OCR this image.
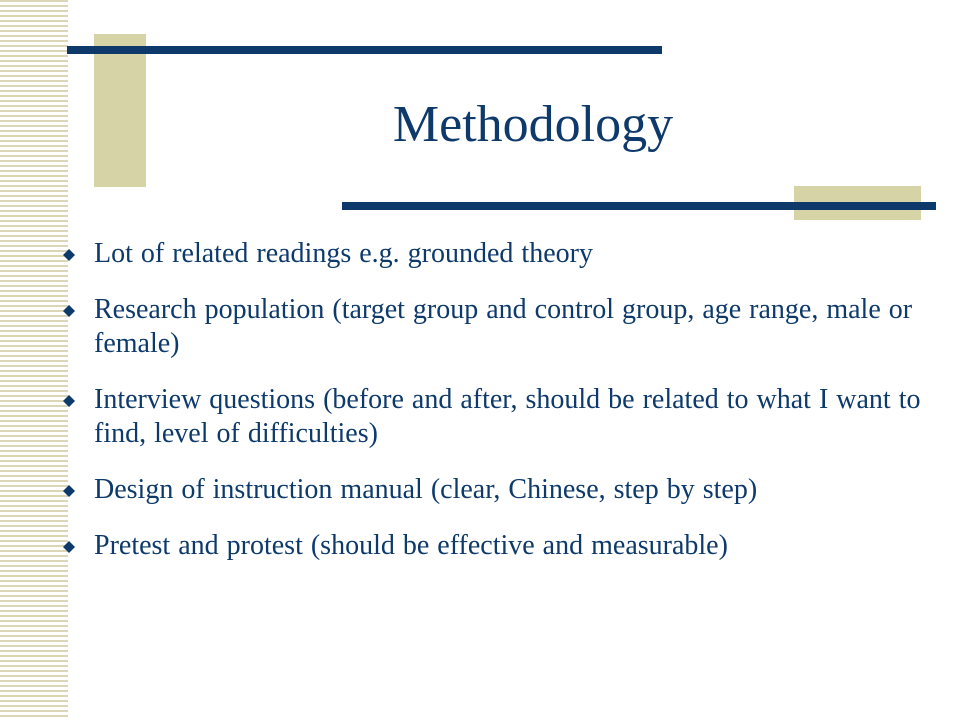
Methodology
Lot of related readings e.g. grounded theory
Research population (target group and control group, age range, male or female)
Interview questions (before and after, should be related to what I want to find, level of difficulties)
Design of instruction manual (clear, Chinese, step by step)
Pretest and protest (should be effective and measurable)
